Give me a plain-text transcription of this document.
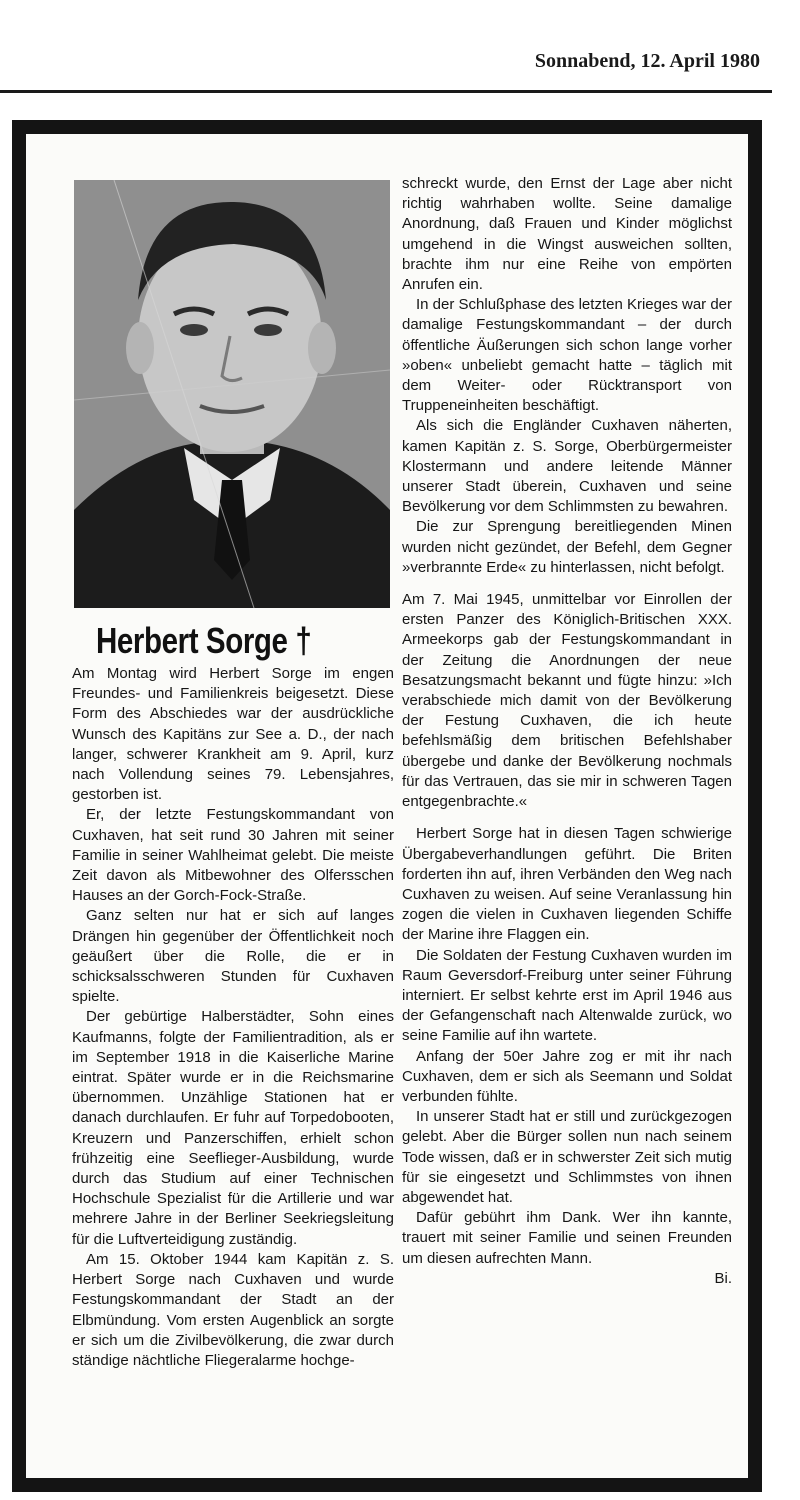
Sonnabend, 12. April 1980
Herbert Sorge †

Am Montag wird Herbert Sorge im engen Freundes- und Familienkreis beigesetzt. Diese Form des Abschiedes war der ausdrückliche Wunsch des Kapitäns zur See a. D., der nach langer, schwerer Krankheit am 9. April, kurz nach Vollendung seines 79. Lebensjahres, gestorben ist.

Er, der letzte Festungskommandant von Cuxhaven, hat seit rund 30 Jahren mit seiner Familie in seiner Wahlheimat gelebt. Die meiste Zeit davon als Mitbewohner des Olfersschen Hauses an der Gorch-Fock-Straße.

Ganz selten nur hat er sich auf langes Drängen hin gegenüber der Öffentlichkeit noch geäußert über die Rolle, die er in schicksalsschweren Stunden für Cuxhaven spielte.

Der gebürtige Halberstädter, Sohn eines Kaufmanns, folgte der Familientradition, als er im September 1918 in die Kaiserliche Marine eintrat. Später wurde er in die Reichsmarine übernommen. Unzählige Stationen hat er danach durchlaufen. Er fuhr auf Torpedobooten, Kreuzern und Panzerschiffen, erhielt schon frühzeitig eine Seeflieger-Ausbildung, wurde durch das Studium auf einer Technischen Hochschule Spezialist für die Artillerie und war mehrere Jahre in der Berliner Seekriegsleitung für die Luftverteidigung zuständig.

Am 15. Oktober 1944 kam Kapitän z. S. Herbert Sorge nach Cuxhaven und wurde Festungskommandant der Stadt an der Elbmündung. Vom ersten Augenblick an sorgte er sich um die Zivilbevölkerung, die zwar durch ständige nächtliche Fliegeralarme hochge-

schreckt wurde, den Ernst der Lage aber nicht richtig wahrhaben wollte. Seine damalige Anordnung, daß Frauen und Kinder möglichst umgehend in die Wingst ausweichen sollten, brachte ihm nur eine Reihe von empörten Anrufen ein.

In der Schlußphase des letzten Krieges war der damalige Festungskommandant – der durch öffentliche Äußerungen sich schon lange vorher »oben« unbeliebt gemacht hatte – täglich mit dem Weiter- oder Rücktransport von Truppeneinheiten beschäftigt.

Als sich die Engländer Cuxhaven näherten, kamen Kapitän z. S. Sorge, Oberbürgermeister Klostermann und andere leitende Männer unserer Stadt überein, Cuxhaven und seine Bevölkerung vor dem Schlimmsten zu bewahren.

Die zur Sprengung bereitliegenden Minen wurden nicht gezündet, der Befehl, dem Gegner »verbrannte Erde« zu hinterlassen, nicht befolgt.

Am 7. Mai 1945, unmittelbar vor Einrollen der ersten Panzer des Königlich-Britischen XXX. Armeekorps gab der Festungskommandant in der Zeitung die Anordnungen der neue Besatzungsmacht bekannt und fügte hinzu: »Ich verabschiede mich damit von der Bevölkerung der Festung Cuxhaven, die ich heute befehlsmäßig dem britischen Befehlshaber übergebe und danke der Bevölkerung nochmals für das Vertrauen, das sie mir in schweren Tagen entgegenbrachte.«

Herbert Sorge hat in diesen Tagen schwierige Übergabeverhandlungen geführt. Die Briten forderten ihn auf, ihren Verbänden den Weg nach Cuxhaven zu weisen. Auf seine Veranlassung hin zogen die vielen in Cuxhaven liegenden Schiffe der Marine ihre Flaggen ein.

Die Soldaten der Festung Cuxhaven wurden im Raum Geversdorf-Freiburg unter seiner Führung interniert. Er selbst kehrte erst im April 1946 aus der Gefangenschaft nach Altenwalde zurück, wo seine Familie auf ihn wartete.

Anfang der 50er Jahre zog er mit ihr nach Cuxhaven, dem er sich als Seemann und Soldat verbunden fühlte.

In unserer Stadt hat er still und zurückgezogen gelebt. Aber die Bürger sollen nun nach seinem Tode wissen, daß er in schwerster Zeit sich mutig für sie eingesetzt und Schlimmstes von ihnen abgewendet hat.

Dafür gebührt ihm Dank. Wer ihn kannte, trauert mit seiner Familie und seinen Freunden um diesen aufrechten Mann.

Bi.
